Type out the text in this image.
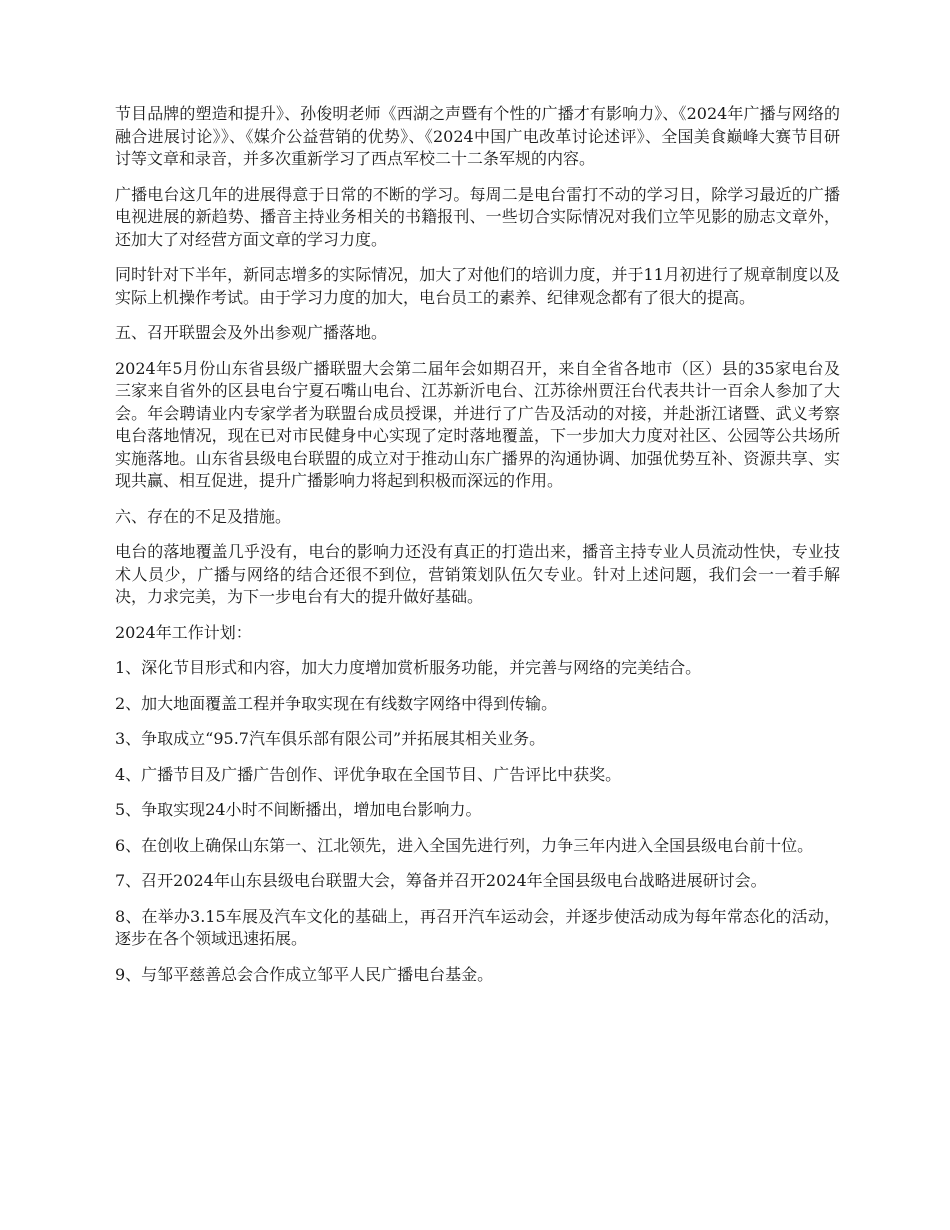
节目品牌的塑造和提升》、孙俊明老师《西湖之声暨有个性的广播才有影响力》、《2024年广播与网络的融合进展讨论》》、《媒介公益营销的优势》、《2024中国广电改革讨论述评》、全国美食巅峰大赛节目研讨等文章和录音，并多次重新学习了西点军校二十二条军规的内容。

广播电台这几年的进展得意于日常的不断的学习。每周二是电台雷打不动的学习日，除学习最近的广播电视进展的新趋势、播音主持业务相关的书籍报刊、一些切合实际情况对我们立竿见影的励志文章外，还加大了对经营方面文章的学习力度。

同时针对下半年，新同志增多的实际情况，加大了对他们的培训力度，并于11月初进行了规章制度以及实际上机操作考试。由于学习力度的加大，电台员工的素养、纪律观念都有了很大的提高。

五、召开联盟会及外出参观广播落地。

2024年5月份山东省县级广播联盟大会第二届年会如期召开，来自全省各地市（区）县的35家电台及三家来自省外的区县电台宁夏石嘴山电台、江苏新沂电台、江苏徐州贾汪台代表共计一百余人参加了大会。年会聘请业内专家学者为联盟台成员授课，并进行了广告及活动的对接，并赴浙江诸暨、武义考察电台落地情况，现在已对市民健身中心实现了定时落地覆盖，下一步加大力度对社区、公园等公共场所实施落地。山东省县级电台联盟的成立对于推动山东广播界的沟通协调、加强优势互补、资源共享、实现共赢、相互促进，提升广播影响力将起到积极而深远的作用。

六、存在的不足及措施。

电台的落地覆盖几乎没有，电台的影响力还没有真正的打造出来，播音主持专业人员流动性快，专业技术人员少，广播与网络的结合还很不到位，营销策划队伍欠专业。针对上述问题，我们会一一着手解决，力求完美，为下一步电台有大的提升做好基础。

2024年工作计划：

1、深化节目形式和内容，加大力度增加赏析服务功能，并完善与网络的完美结合。

2、加大地面覆盖工程并争取实现在有线数字网络中得到传输。

3、争取成立“95.7汽车俱乐部有限公司”并拓展其相关业务。

4、广播节目及广播广告创作、评优争取在全国节目、广告评比中获奖。

5、争取实现24小时不间断播出，增加电台影响力。

6、在创收上确保山东第一、江北领先，进入全国先进行列，力争三年内进入全国县级电台前十位。

7、召开2024年山东县级电台联盟大会，筹备并召开2024年全国县级电台战略进展研讨会。

8、在举办3.15车展及汽车文化的基础上，再召开汽车运动会，并逐步使活动成为每年常态化的活动，逐步在各个领域迅速拓展。

9、与邹平慈善总会合作成立邹平人民广播电台基金。
